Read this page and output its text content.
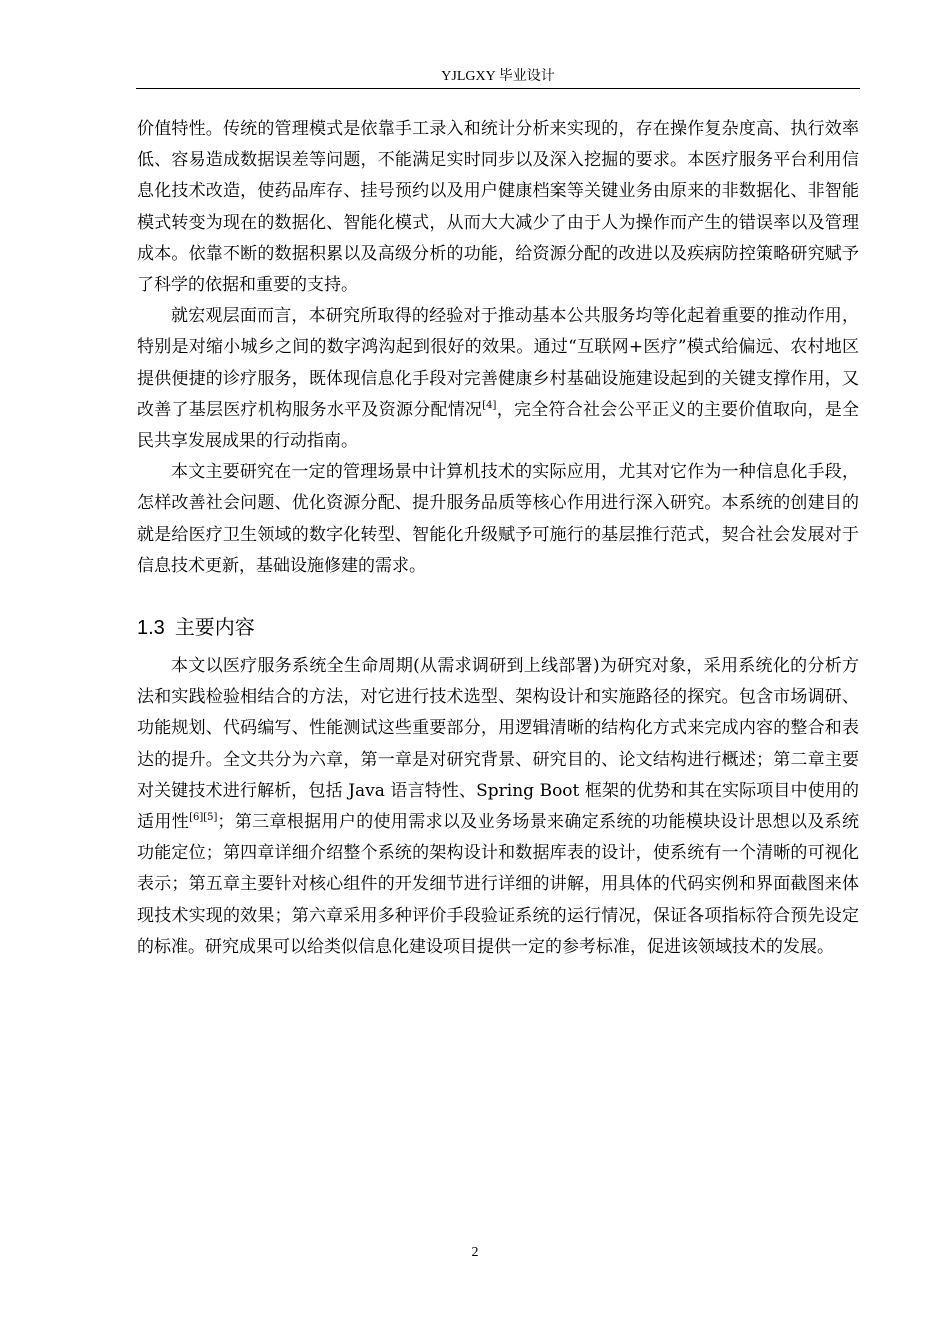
YJLGXY 毕业设计

价值特性。传统的管理模式是依靠手工录入和统计分析来实现的，存在操作复杂度高、执行效率低、容易造成数据误差等问题，不能满足实时同步以及深入挖掘的要求。本医疗服务平台利用信息化技术改造，使药品库存、挂号预约以及用户健康档案等关键业务由原来的非数据化、非智能模式转变为现在的数据化、智能化模式，从而大大减少了由于人为操作而产生的错误率以及管理成本。依靠不断的数据积累以及高级分析的功能，给资源分配的改进以及疾病防控策略研究赋予了科学的依据和重要的支持。

就宏观层面而言，本研究所取得的经验对于推动基本公共服务均等化起着重要的推动作用，特别是对缩小城乡之间的数字鸿沟起到很好的效果。通过“互联网+医疗”模式给偏远、农村地区提供便捷的诊疗服务，既体现信息化手段对完善健康乡村基础设施建设起到的关键支撑作用，又改善了基层医疗机构服务水平及资源分配情况[4]，完全符合社会公平正义的主要价值取向，是全民共享发展成果的行动指南。

本文主要研究在一定的管理场景中计算机技术的实际应用，尤其对它作为一种信息化手段，怎样改善社会问题、优化资源分配、提升服务品质等核心作用进行深入研究。本系统的创建目的就是给医疗卫生领域的数字化转型、智能化升级赋予可施行的基层推行范式，契合社会发展对于信息技术更新，基础设施修建的需求。

1.3 主要内容

本文以医疗服务系统全生命周期(从需求调研到上线部署)为研究对象，采用系统化的分析方法和实践检验相结合的方法，对它进行技术选型、架构设计和实施路径的探究。包含市场调研、功能规划、代码编写、性能测试这些重要部分，用逻辑清晰的结构化方式来完成内容的整合和表达的提升。全文共分为六章，第一章是对研究背景、研究目的、论文结构进行概述；第二章主要对关键技术进行解析，包括 Java 语言特性、Spring Boot 框架的优势和其在实际项目中使用的适用性[6][5]；第三章根据用户的使用需求以及业务场景来确定系统的功能模块设计思想以及系统功能定位；第四章详细介绍整个系统的架构设计和数据库表的设计，使系统有一个清晰的可视化表示；第五章主要针对核心组件的开发细节进行详细的讲解，用具体的代码实例和界面截图来体现技术实现的效果；第六章采用多种评价手段验证系统的运行情况，保证各项指标符合预先设定的标准。研究成果可以给类似信息化建设项目提供一定的参考标准，促进该领域技术的发展。

2
